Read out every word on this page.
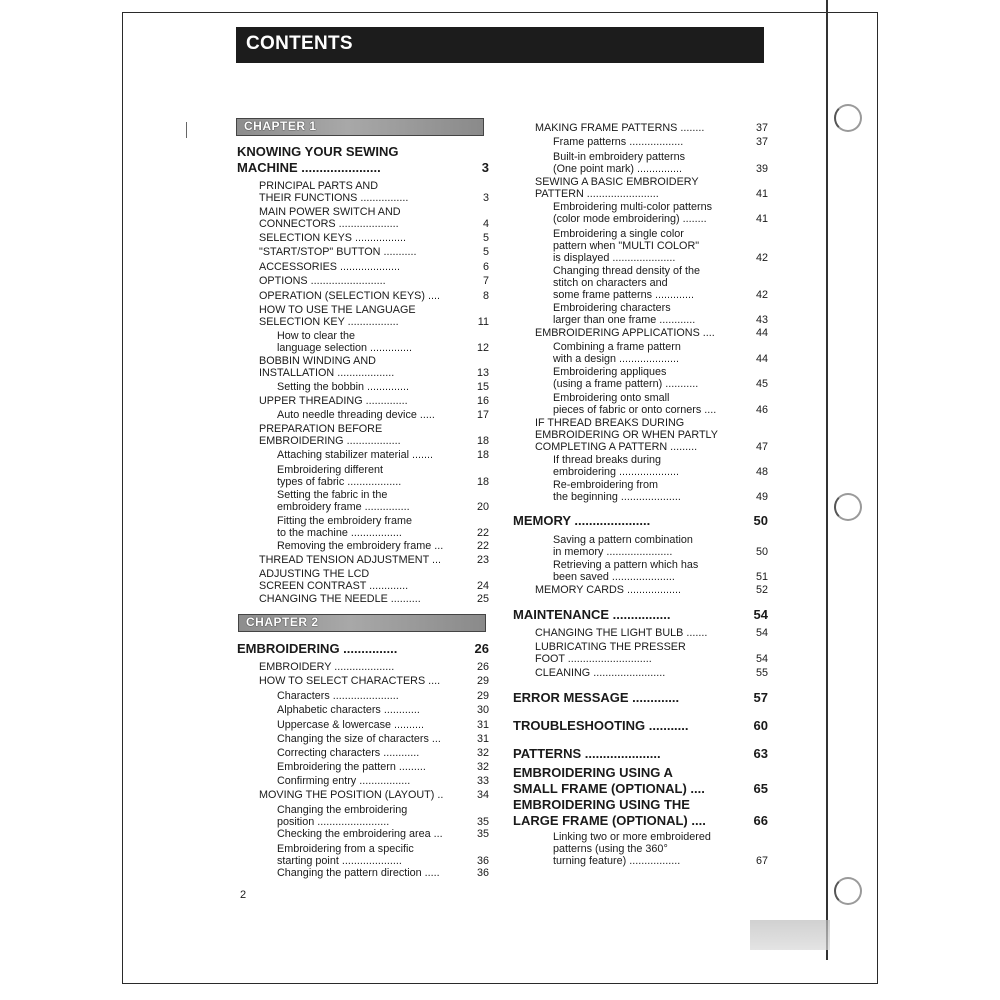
CONTENTS
CHAPTER 1
CHAPTER 2
KNOWING YOUR SEWING
MACHINE ......................	3
PRINCIPAL PARTS AND
THEIR FUNCTIONS ................	3
MAIN POWER SWITCH AND
CONNECTORS ....................	4
SELECTION KEYS .................	5
"START/STOP" BUTTON ...........	5
ACCESSORIES ....................	6
OPTIONS .........................	7
OPERATION (SELECTION KEYS) ....	8
HOW TO USE THE LANGUAGE
SELECTION KEY .................	11
How to clear the
language selection ..............	12
BOBBIN WINDING AND
INSTALLATION ...................	13
Setting the bobbin ..............	15
UPPER THREADING ..............	16
Auto needle threading device .....	17
PREPARATION BEFORE
EMBROIDERING ..................	18
Attaching stabilizer material .......	18
Embroidering different
types of fabric ..................	18
Setting the fabric in the
embroidery frame ...............	20
Fitting the embroidery frame
to the machine .................	22
Removing the embroidery frame ...	22
THREAD TENSION ADJUSTMENT ...	23
ADJUSTING THE LCD
SCREEN CONTRAST .............	24
CHANGING THE NEEDLE ..........	25
EMBROIDERING ...............	26
EMBROIDERY ....................	26
HOW TO SELECT CHARACTERS ....	29
Characters ......................	29
Alphabetic characters ............	30
Uppercase & lowercase ..........	31
Changing the size of characters ...	31
Correcting characters ............	32
Embroidering the pattern .........	32
Confirming entry .................	33
MOVING THE POSITION (LAYOUT) ..	34
Changing the embroidering
position ........................	35
Checking the embroidering area ...	35
Embroidering from a specific
starting point ....................	36
Changing the pattern direction .....	36
MAKING FRAME PATTERNS ........	37
Frame patterns ..................	37
Built-in embroidery patterns
(One point mark) ...............	39
SEWING A BASIC EMBROIDERY
PATTERN ........................	41
Embroidering multi-color patterns
(color mode embroidering) ........	41
Embroidering a single color
pattern when "MULTI COLOR"
is displayed .....................	42
Changing thread density of the
stitch on characters and
some frame patterns .............	42
Embroidering characters
larger than one frame ............	43
EMBROIDERING APPLICATIONS ....	44
Combining a frame pattern
with a design ....................	44
Embroidering appliques
(using a frame pattern) ...........	45
Embroidering onto small
pieces of fabric or onto corners ....	46
IF THREAD BREAKS DURING
EMBROIDERING OR WHEN PARTLY
COMPLETING A PATTERN .........	47
If thread breaks during
embroidering ....................	48
Re-embroidering from
the beginning ....................	49
MEMORY .....................	50
Saving a pattern combination
in memory ......................	50
Retrieving a pattern which has
been saved .....................	51
MEMORY CARDS ..................	52
MAINTENANCE ................	54
CHANGING THE LIGHT BULB .......	54
LUBRICATING THE PRESSER
FOOT ............................	54
CLEANING ........................	55
ERROR MESSAGE .............	57
TROUBLESHOOTING ...........	60
PATTERNS .....................	63
EMBROIDERING USING A
SMALL FRAME (OPTIONAL) ....	65
EMBROIDERING USING THE
LARGE FRAME (OPTIONAL) ....	66
Linking two or more embroidered
patterns (using the 360°
turning feature) .................	67
2
